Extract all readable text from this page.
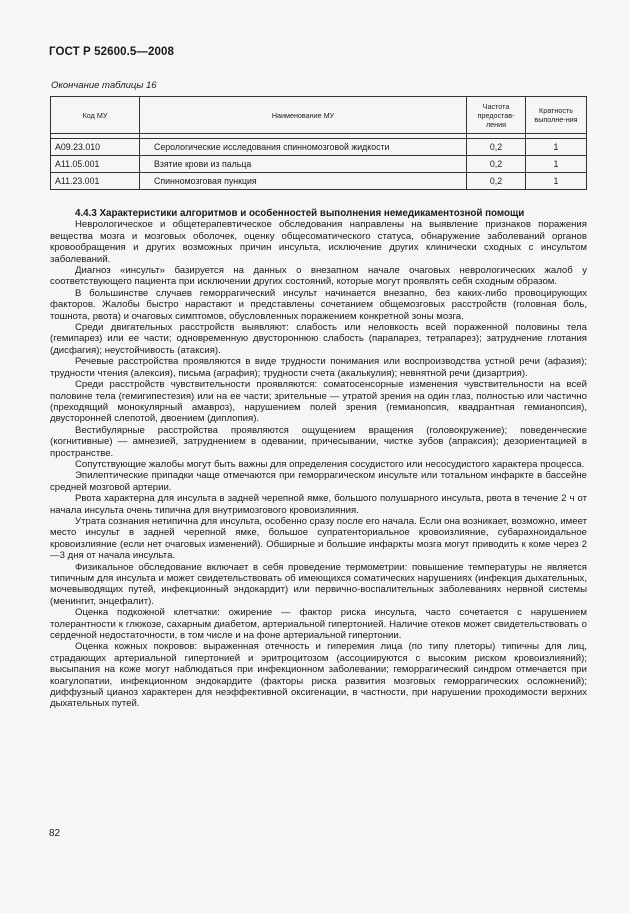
ГОСТ Р 52600.5—2008
Окончание таблицы 16
Код МУ	Наименование МУ	Частота предостав-ления	Кратность выполне-ния

A09.23.010	Серологические исследования спинномозговой жидкости	0,2	1
A11.05.001	Взятие крови из пальца	0,2	1
A11.23.001	Спинномозговая пункция	0,2	1
4.4.3 Характеристики алгоритмов и особенностей выполнения немедикаментозной помощи

Неврологическое и общетерапевтическое обследования направлены на выявление признаков поражения вещества мозга и мозговых оболочек, оценку общесоматического статуса, обнаружение заболеваний органов кровообращения и других возможных причин инсульта, исключение других клинически сходных с инсультом заболеваний.

Диагноз «инсульт» базируется на данных о внезапном начале очаговых неврологических жалоб у соответствующего пациента при исключении других состояний, которые могут проявлять себя сходным образом.

В большинстве случаев геморрагический инсульт начинается внезапно, без каких-либо провоцирующих факторов. Жалобы быстро нарастают и представлены сочетанием общемозговых расстройств (головная боль, тошнота, рвота) и очаговых симптомов, обусловленных поражением конкретной зоны мозга.

Среди двигательных расстройств выявляют: слабость или неловкость всей пораженной половины тела (гемипарез) или ее части; одновременную двустороннюю слабость (парапарез, тетрапарез); затруднение глотания (дисфагия); неустойчивость (атаксия).

Речевые расстройства проявляются в виде трудности понимания или воспроизводства устной речи (афазия); трудности чтения (алексия), письма (аграфия); трудности счета (акалькулия); невнятной речи (дизартрия).

Среди расстройств чувствительности проявляются: соматосенсорные изменения чувствительности на всей половине тела (гемигипестезия) или на ее части; зрительные — утратой зрения на один глаз, полностью или частично (преходящий монокулярный амавроз), нарушением полей зрения (гемианопсия, квадрантная гемианопсия), двусторонней слепотой, двоением (диплопия).

Вестибулярные расстройства проявляются ощущением вращения (головокружение); поведенческие (когнитивные) — амнезией, затруднением в одевании, причесывании, чистке зубов (апраксия); дезориентацией в пространстве.

Сопутствующие жалобы могут быть важны для определения сосудистого или несосудистого характера процесса.

Эпилептические припадки чаще отмечаются при геморрагическом инсульте или тотальном инфаркте в бассейне средней мозговой артерии.

Рвота характерна для инсульта в задней черепной ямке, большого полушарного инсульта, рвота в течение 2 ч от начала инсульта очень типична для внутримозгового кровоизлияния.

Утрата сознания нетипична для инсульта, особенно сразу после его начала. Если она возникает, возможно, имеет место инсульт в задней черепной ямке, большое супратенториальное кровоизлияние, субарахноидальное кровоизлияние (если нет очаговых изменений). Обширные и большие инфаркты мозга могут приводить к коме через 2—3 дня от начала инсульта.

Физикальное обследование включает в себя проведение термометрии: повышение температуры не является типичным для инсульта и может свидетельствовать об имеющихся соматических нарушениях (инфекция дыхательных, мочевыводящих путей, инфекционный эндокардит) или первично-воспалительных заболеваниях нервной системы (менингит, энцефалит).

Оценка подкожной клетчатки: ожирение — фактор риска инсульта, часто сочетается с нарушением толерантности к глюкозе, сахарным диабетом, артериальной гипертонией. Наличие отеков может свидетельствовать о сердечной недостаточности, в том числе и на фоне артериальной гипертонии.

Оценка кожных покровов: выраженная отечность и гиперемия лица (по типу плеторы) типичны для лиц, страдающих артериальной гипертонией и эритроцитозом (ассоциируются с высоким риском кровоизлияний); высыпания на коже могут наблюдаться при инфекционном заболевании; геморрагический синдром отмечается при коагулопатии, инфекционном эндокардите (факторы риска развития мозговых геморрагических осложнений); диффузный цианоз характерен для неэффективной оксигенации, в частности, при нарушении проходимости верхних дыхательных путей.

82
